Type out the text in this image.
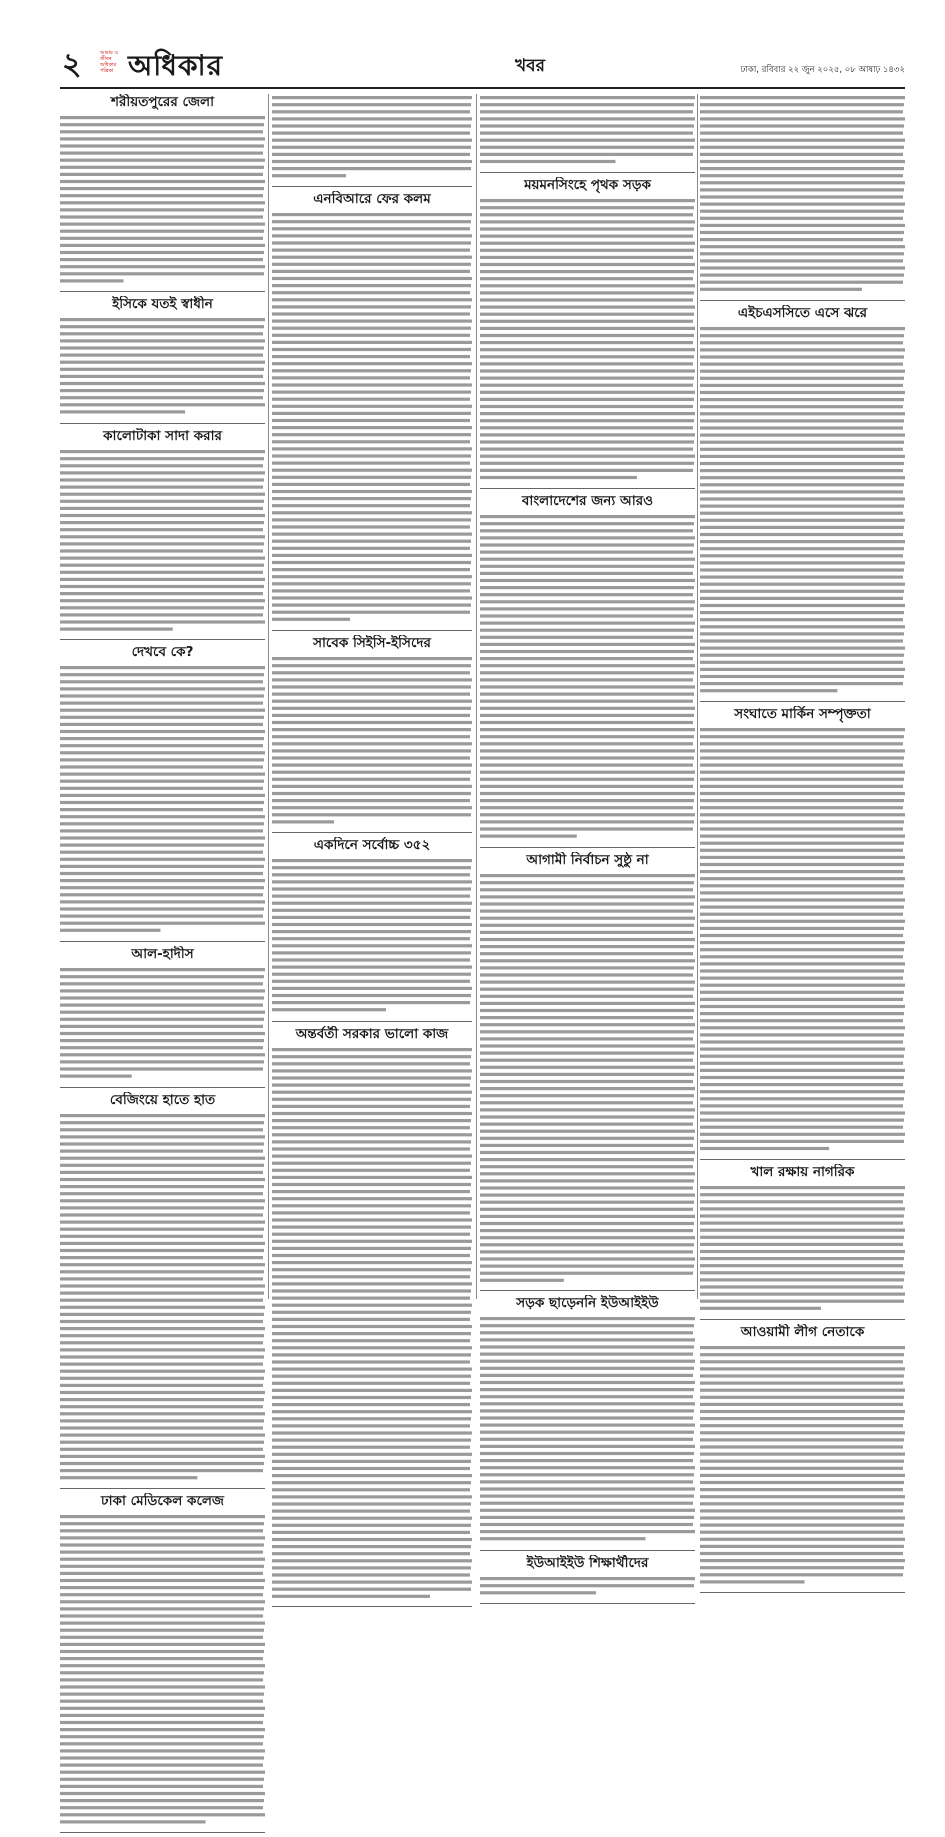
২	আমার ও জীবন অধিকার পত্রিকা অধিকার	খবর	ঢাকা, রবিবার ২২ জুন ২০২৫, ০৮ আষাঢ় ১৪৩২
শরীয়তপুরের জেলা
ইসিকে যতই স্বাধীন
কালোটাকা সাদা করার
দেখবে কে?
আল-হাদীস
বেজিংয়ে হাতে হাত
ঢাকা মেডিকেল কলেজ
এনবিআরে ফের কলম
সাবেক সিইসি-ইসিদের
একদিনে সর্বোচ্চ ৩৫২
অন্তর্বর্তী সরকার ভালো কাজ
ময়মনসিংহে পৃথক সড়ক
বাংলাদেশের জন্য আরও
আগামী নির্বাচন সুষ্ঠু না
সড়ক ছাড়েননি ইউআইইউ
ইউআইইউ শিক্ষার্থীদের
এইচএসসিতে এসে ঝরে
সংঘাতে মার্কিন সম্পৃক্ততা
খাল রক্ষায় নাগরিক
আওয়ামী লীগ নেতাকে
